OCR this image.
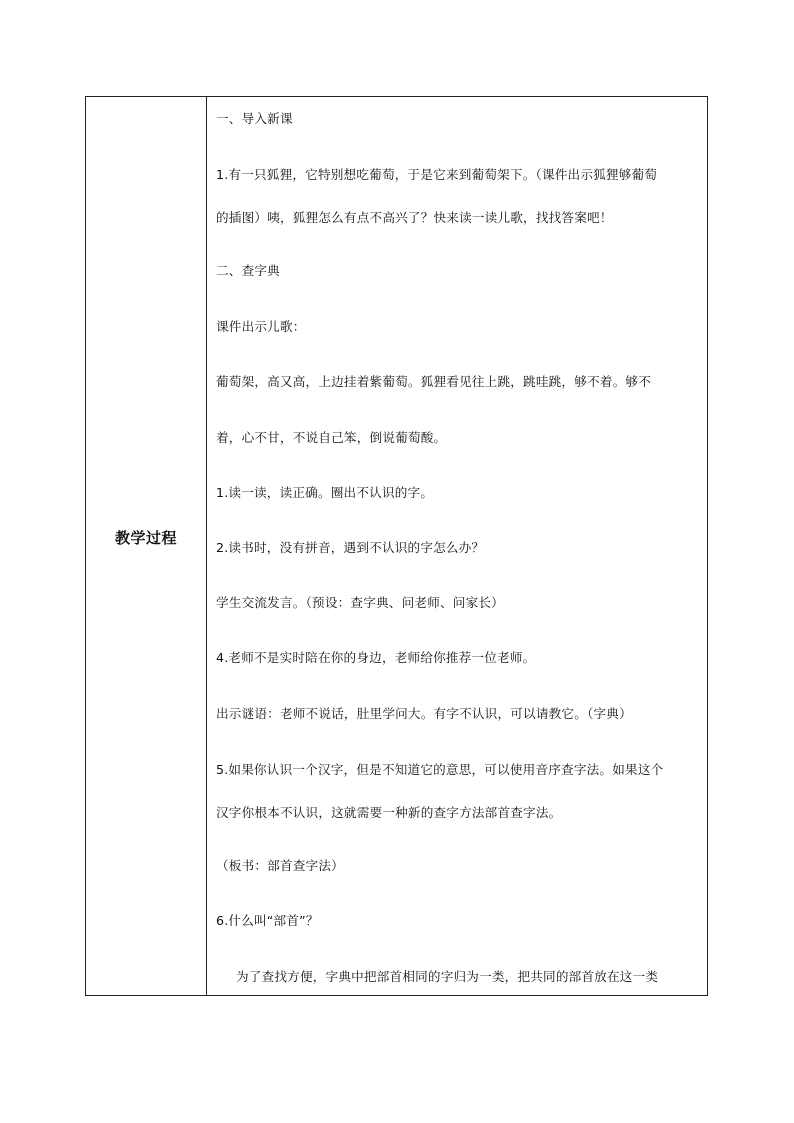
教学过程
一、导入新课
1.有一只狐狸，它特别想吃葡萄，于是它来到葡萄架下。（课件出示狐狸够葡萄
的插图）咦，狐狸怎么有点不高兴了？快来读一读儿歌，找找答案吧！
二、查字典
课件出示儿歌：
葡萄架，高又高，上边挂着紫葡萄。狐狸看见往上跳，跳哇跳，够不着。够不
着，心不甘，不说自己笨，倒说葡萄酸。
1.读一读，读正确。圈出不认识的字。
2.读书时，没有拼音，遇到不认识的字怎么办？
学生交流发言。（预设：查字典、问老师、问家长）
4.老师不是实时陪在你的身边，老师给你推荐一位老师。
出示谜语：老师不说话，肚里学问大。有字不认识，可以请教它。（字典）
5.如果你认识一个汉字，但是不知道它的意思，可以使用音序查字法。如果这个
汉字你根本不认识，这就需要一种新的查字方法部首查字法。
（板书：部首查字法）
6.什么叫“部首”？
为了查找方便，字典中把部首相同的字归为一类，把共同的部首放在这一类
